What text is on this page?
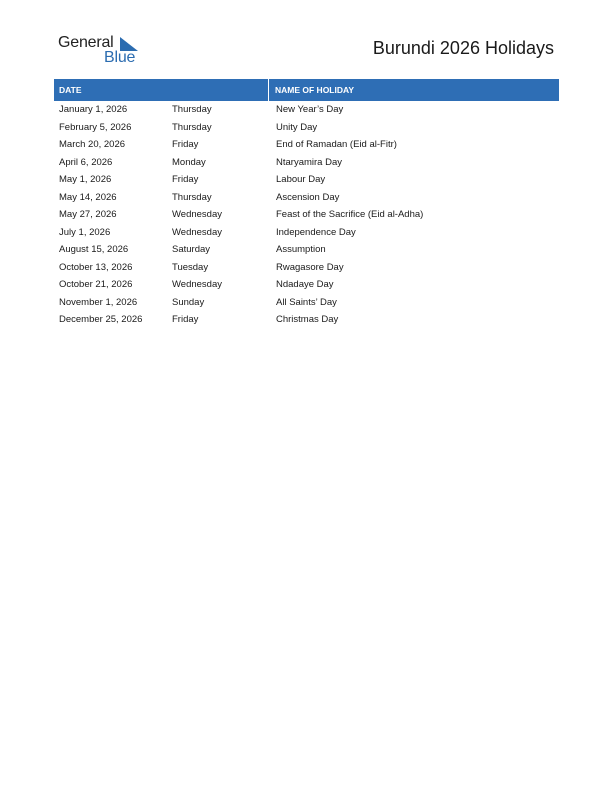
General
Blue	Burundi 2026 Holidays
DATE	NAME OF HOLIDAY
January 1, 2026	Thursday	New Year’s Day
February 5, 2026	Thursday	Unity Day
March 20, 2026	Friday	End of Ramadan (Eid al-Fitr)
April 6, 2026	Monday	Ntaryamira Day
May 1, 2026	Friday	Labour Day
May 14, 2026	Thursday	Ascension Day
May 27, 2026	Wednesday	Feast of the Sacrifice (Eid al-Adha)
July 1, 2026	Wednesday	Independence Day
August 15, 2026	Saturday	Assumption
October 13, 2026	Tuesday	Rwagasore Day
October 21, 2026	Wednesday	Ndadaye Day
November 1, 2026	Sunday	All Saints’ Day
December 25, 2026	Friday	Christmas Day
